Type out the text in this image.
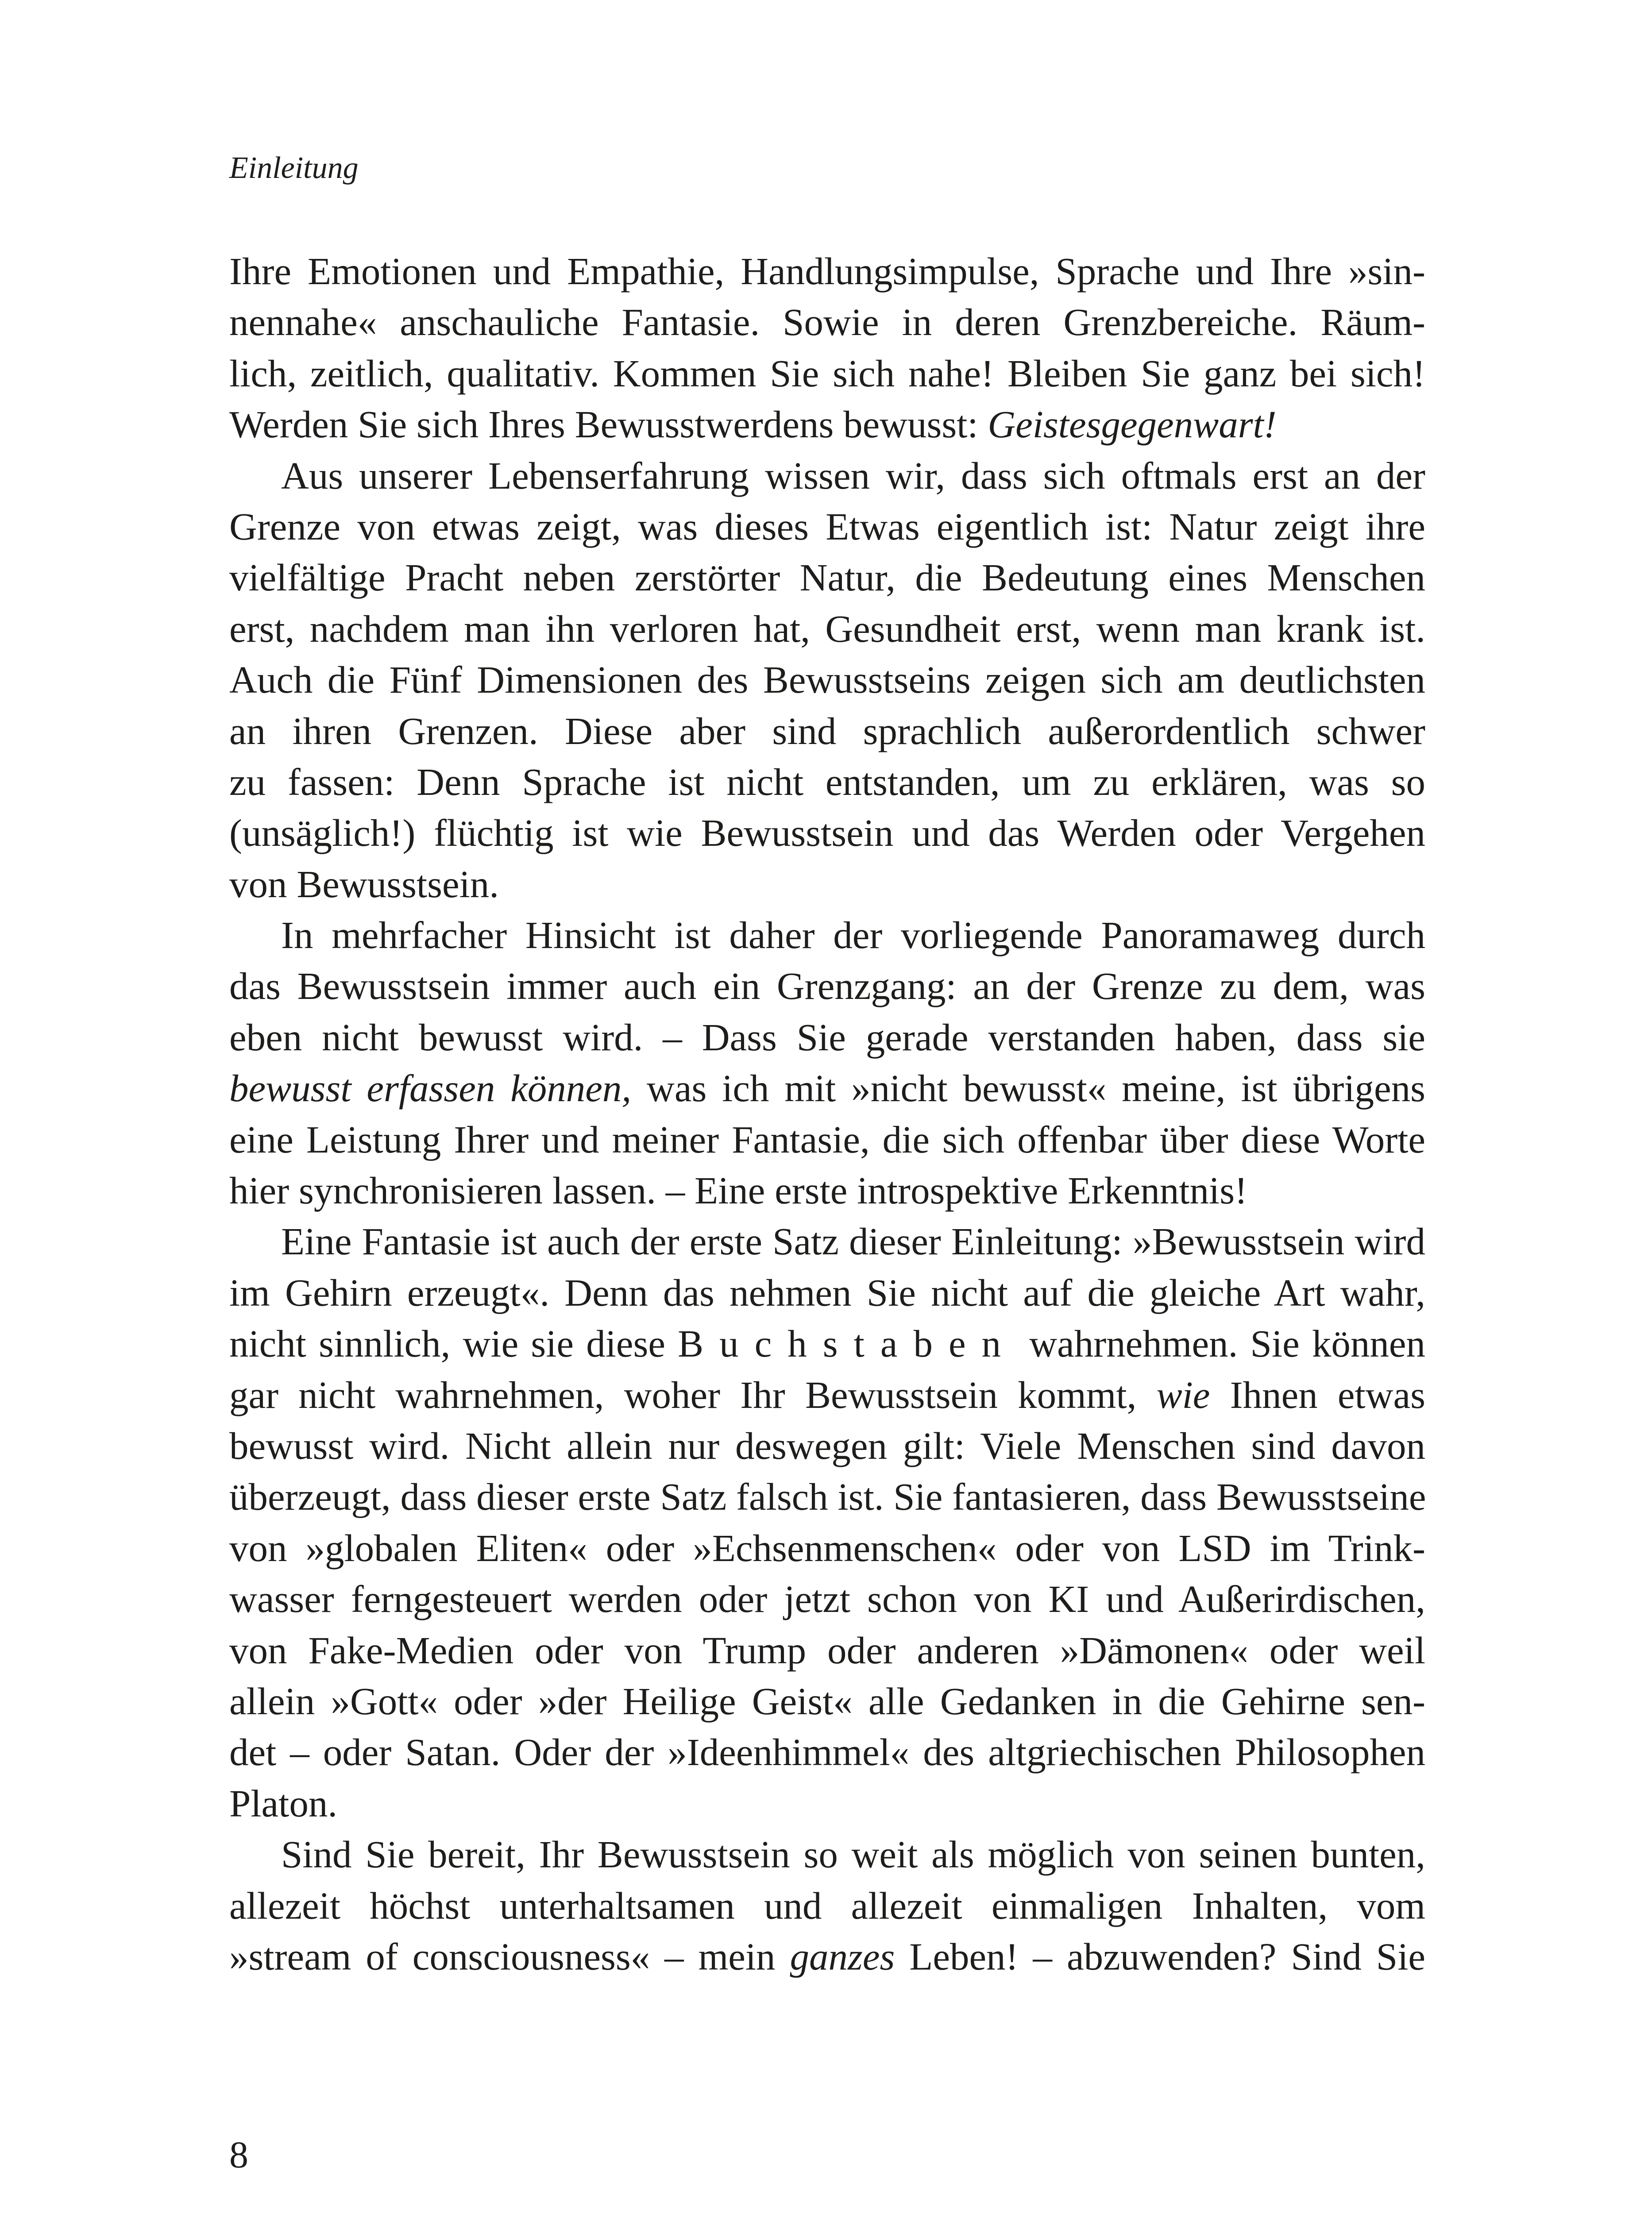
Einleitung
Ihre Emotionen und Empathie, Handlungsimpulse, Sprache und Ihre »sin-
nennahe« anschauliche Fantasie. Sowie in deren Grenzbereiche. Räum-
lich, zeitlich, qualitativ. Kommen Sie sich nahe! Bleiben Sie ganz bei sich!
Werden Sie sich Ihres Bewusstwerdens bewusst: Geistesgegenwart!
Aus unserer Lebenserfahrung wissen wir, dass sich oftmals erst an der
Grenze von etwas zeigt, was dieses Etwas eigentlich ist: Natur zeigt ihre
vielfältige Pracht neben zerstörter Natur, die Bedeutung eines Menschen
erst, nachdem man ihn verloren hat, Gesundheit erst, wenn man krank ist.
Auch die Fünf Dimensionen des Bewusstseins zeigen sich am deutlichsten
an ihren Grenzen. Diese aber sind sprachlich außerordentlich schwer
zu fassen: Denn Sprache ist nicht entstanden, um zu erklären, was so
(unsäglich!) flüchtig ist wie Bewusstsein und das Werden oder Vergehen
von Bewusstsein.
In mehrfacher Hinsicht ist daher der vorliegende Panoramaweg durch
das Bewusstsein immer auch ein Grenzgang: an der Grenze zu dem, was
eben nicht bewusst wird. – Dass Sie gerade verstanden haben, dass sie
bewusst erfassen können, was ich mit »nicht bewusst« meine, ist übrigens
eine Leistung Ihrer und meiner Fantasie, die sich offenbar über diese Worte
hier synchronisieren lassen. – Eine erste introspektive Erkenntnis!
Eine Fantasie ist auch der erste Satz dieser Einleitung: »Bewusstsein wird
im Gehirn erzeugt«. Denn das nehmen Sie nicht auf die gleiche Art wahr,
nicht sinnlich, wie sie diese Buchstaben wahrnehmen. Sie können
gar nicht wahrnehmen, woher Ihr Bewusstsein kommt, wie Ihnen etwas
bewusst wird. Nicht allein nur deswegen gilt: Viele Menschen sind davon
überzeugt, dass dieser erste Satz falsch ist. Sie fantasieren, dass Bewusstseine
von »globalen Eliten« oder »Echsenmenschen« oder von LSD im Trink-
wasser ferngesteuert werden oder jetzt schon von KI und Außerirdischen,
von Fake-Medien oder von Trump oder anderen »Dämonen« oder weil
allein »Gott« oder »der Heilige Geist« alle Gedanken in die Gehirne sen-
det – oder Satan. Oder der »Ideenhimmel« des altgriechischen Philosophen
Platon.
Sind Sie bereit, Ihr Bewusstsein so weit als möglich von seinen bunten,
allezeit höchst unterhaltsamen und allezeit einmaligen Inhalten, vom
»stream of consciousness« – mein ganzes Leben! – abzuwenden? Sind Sie
8
